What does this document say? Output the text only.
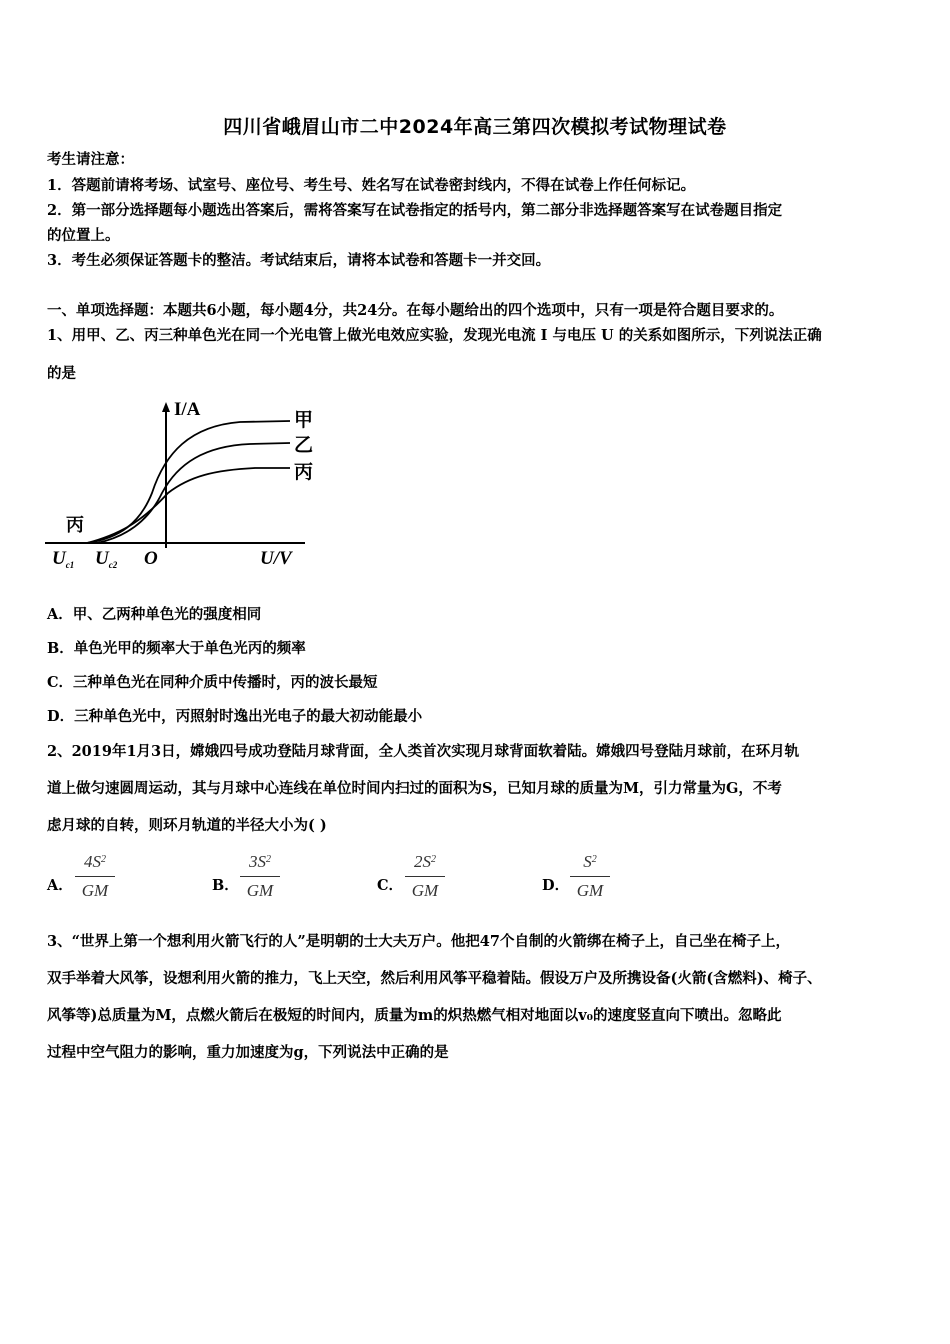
四川省峨眉山市二中2024年高三第四次模拟考试物理试卷
考生请注意：
1．答题前请将考场、试室号、座位号、考生号、姓名写在试卷密封线内，不得在试卷上作任何标记。
2．第一部分选择题每小题选出答案后，需将答案写在试卷指定的括号内，第二部分非选择题答案写在试卷题目指定
的位置上。
3．考生必须保证答题卡的整洁。考试结束后，请将本试卷和答题卡一并交回。
一、单项选择题：本题共6小题，每小题4分，共24分。在每小题给出的四个选项中，只有一项是符合题目要求的。
1、用甲、乙、丙三种单色光在同一个光电管上做光电效应实验，发现光电流 I 与电压 U 的关系如图所示，下列说法正确
的是
I/A
甲
乙
丙
丙
$U_{c1}$ $U_{c2}$ O	U/V
A．甲、乙两种单色光的强度相同
B．单色光甲的频率大于单色光丙的频率
C．三种单色光在同种介质中传播时，丙的波长最短
D．三种单色光中，丙照射时逸出光电子的最大初动能最小
2、2019年1月3日，嫦娥四号成功登陆月球背面，全人类首次实现月球背面软着陆。嫦娥四号登陆月球前，在环月轨
道上做匀速圆周运动，其与月球中心连线在单位时间内扫过的面积为S，已知月球的质量为M，引力常量为G，不考
虑月球的自转，则环月轨道的半径大小为( )
A．
$4S^2$
GM	B．
$3S^2$
GM	C．
$2S^2$
GM	D．
$S^2$
GM
3、“世界上第一个想利用火箭飞行的人”是明朝的士大夫万户。他把47个自制的火箭绑在椅子上，自己坐在椅子上，
双手举着大风筝，设想利用火箭的推力，飞上天空，然后利用风筝平稳着陆。假设万户及所携设备(火箭(含燃料)、椅子、
风筝等)总质量为M，点燃火箭后在极短的时间内，质量为m的炽热燃气相对地面以v₀的速度竖直向下喷出。忽略此
过程中空气阻力的影响，重力加速度为g，下列说法中正确的是
